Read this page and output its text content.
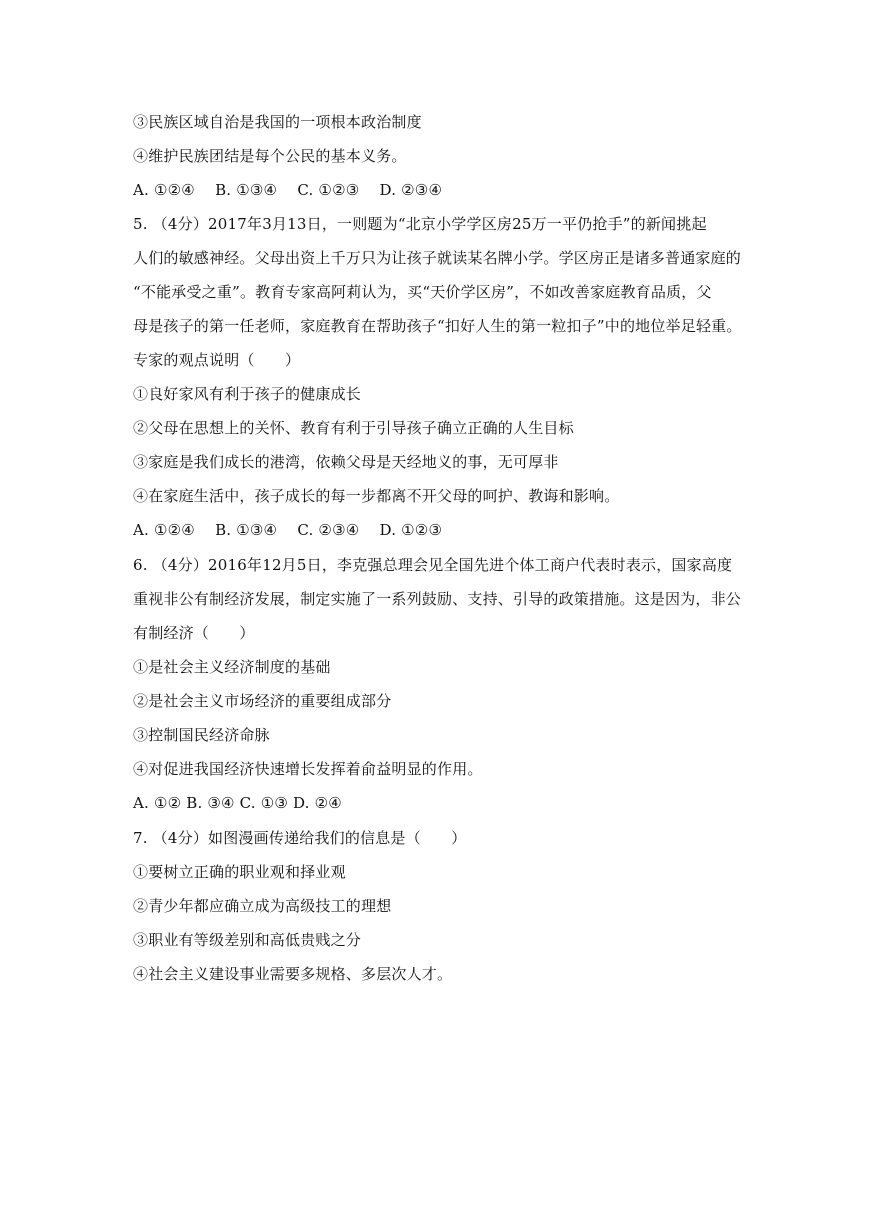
③民族区域自治是我国的一项根本政治制度
④维护民族团结是每个公民的基本义务。
A. ①②④　 B. ①③④　 C. ①②③　 D. ②③④
5. （4分）2017年3月13日，一则题为“北京小学学区房25万一平仍抢手”的新闻挑起
人们的敏感神经。父母出资上千万只为让孩子就读某名牌小学。学区房正是诸多普通家庭的
“不能承受之重”。教育专家高阿莉认为，买“天价学区房”，不如改善家庭教育品质，父
母是孩子的第一任老师，家庭教育在帮助孩子“扣好人生的第一粒扣子”中的地位举足轻重。
专家的观点说明（　　）
①良好家风有利于孩子的健康成长
②父母在思想上的关怀、教育有利于引导孩子确立正确的人生目标
③家庭是我们成长的港湾，依赖父母是天经地义的事，无可厚非
④在家庭生活中，孩子成长的每一步都离不开父母的呵护、教诲和影响。
A. ①②④　 B. ①③④　 C. ②③④　 D. ①②③
6. （4分）2016年12月5日，李克强总理会见全国先进个体工商户代表时表示，国家高度
重视非公有制经济发展，制定实施了一系列鼓励、支持、引导的政策措施。这是因为，非公
有制经济（　　）
①是社会主义经济制度的基础
②是社会主义市场经济的重要组成部分
③控制国民经济命脉
④对促进我国经济快速增长发挥着俞益明显的作用。
A. ①② B. ③④ C. ①③ D. ②④
7. （4分）如图漫画传递给我们的信息是（　　）
①要树立正确的职业观和择业观
②青少年都应确立成为高级技工的理想
③职业有等级差别和高低贵贱之分
④社会主义建设事业需要多规格、多层次人才。
